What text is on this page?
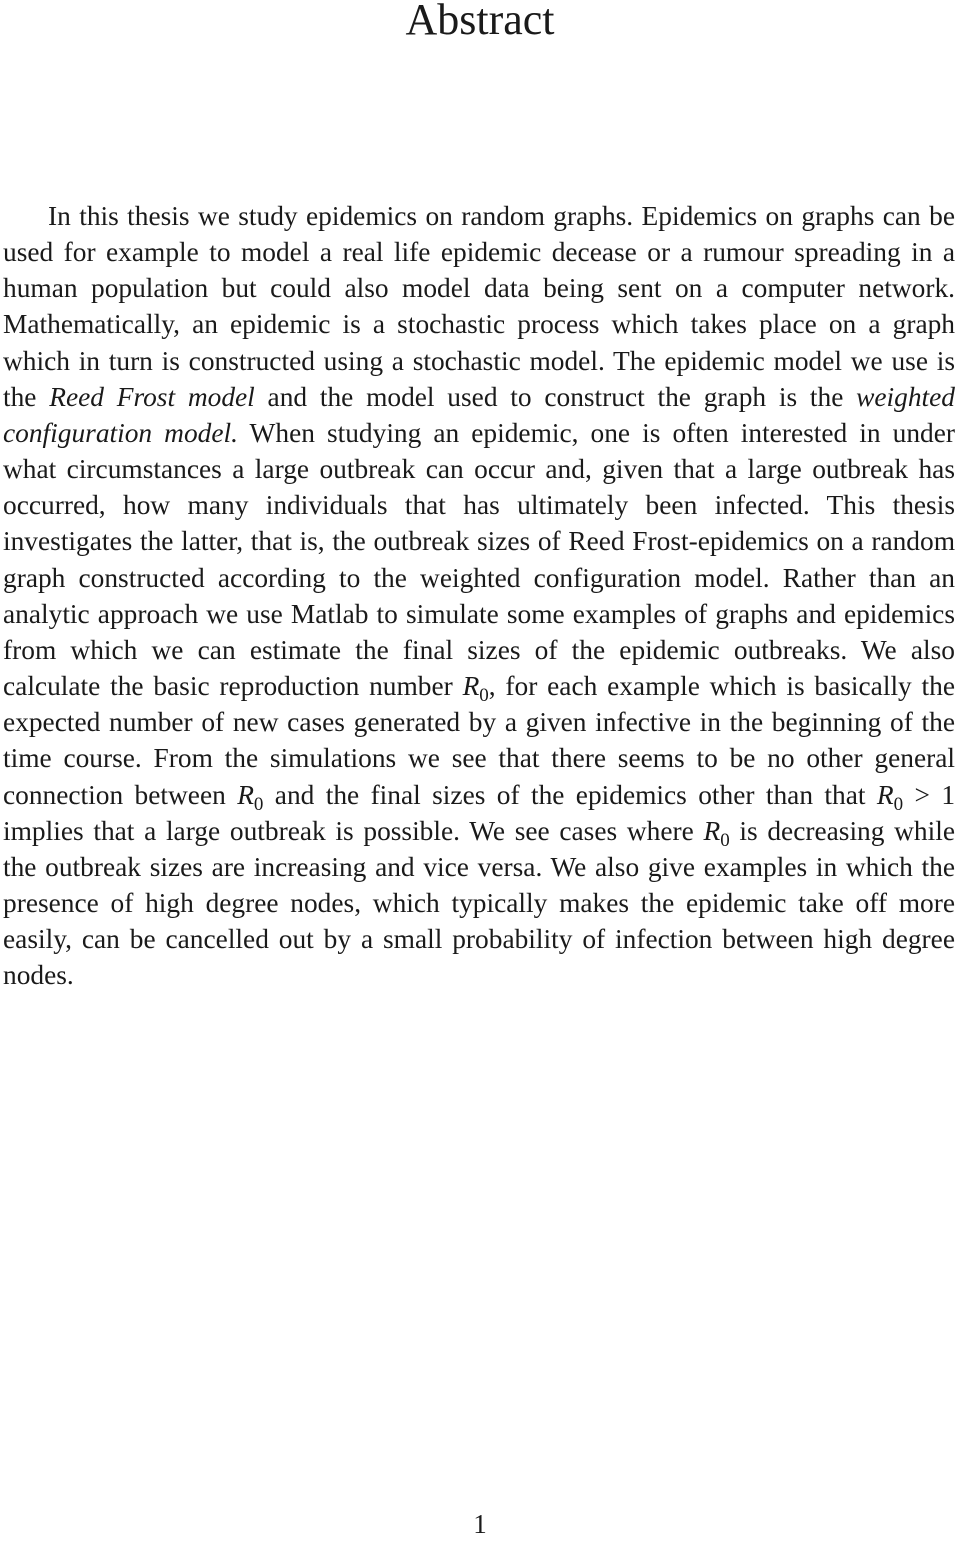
Abstract

In this thesis we study epidemics on random graphs. Epidemics on graphs can be used for example to model a real life epidemic decease or a rumour spreading in a human population but could also model data being sent on a computer network. Mathematically, an epidemic is a stochastic process which takes place on a graph which in turn is constructed using a stochastic model. The epidemic model we use is the Reed Frost model and the model used to construct the graph is the weighted configuration model. When studying an epidemic, one is often interested in under what circumstances a large outbreak can occur and, given that a large outbreak has occurred, how many individuals that has ultimately been infected. This thesis investigates the latter, that is, the outbreak sizes of Reed Frost-epidemics on a random graph constructed according to the weighted configuration model. Rather than an analytic approach we use Matlab to simulate some examples of graphs and epidemics from which we can estimate the final sizes of the epidemic outbreaks. We also calculate the basic reproduction number $R_0$, for each example which is basically the expected number of new cases generated by a given infective in the beginning of the time course. From the simulations we see that there seems to be no other general connection between $R_0$ and the final sizes of the epidemics other than that $R_0 > 1$ implies that a large outbreak is possible. We see cases where $R_0$ is decreasing while the outbreak sizes are increasing and vice versa. We also give examples in which the presence of high degree nodes, which typically makes the epidemic take off more easily, can be cancelled out by a small probability of infection between high degree nodes.

1
